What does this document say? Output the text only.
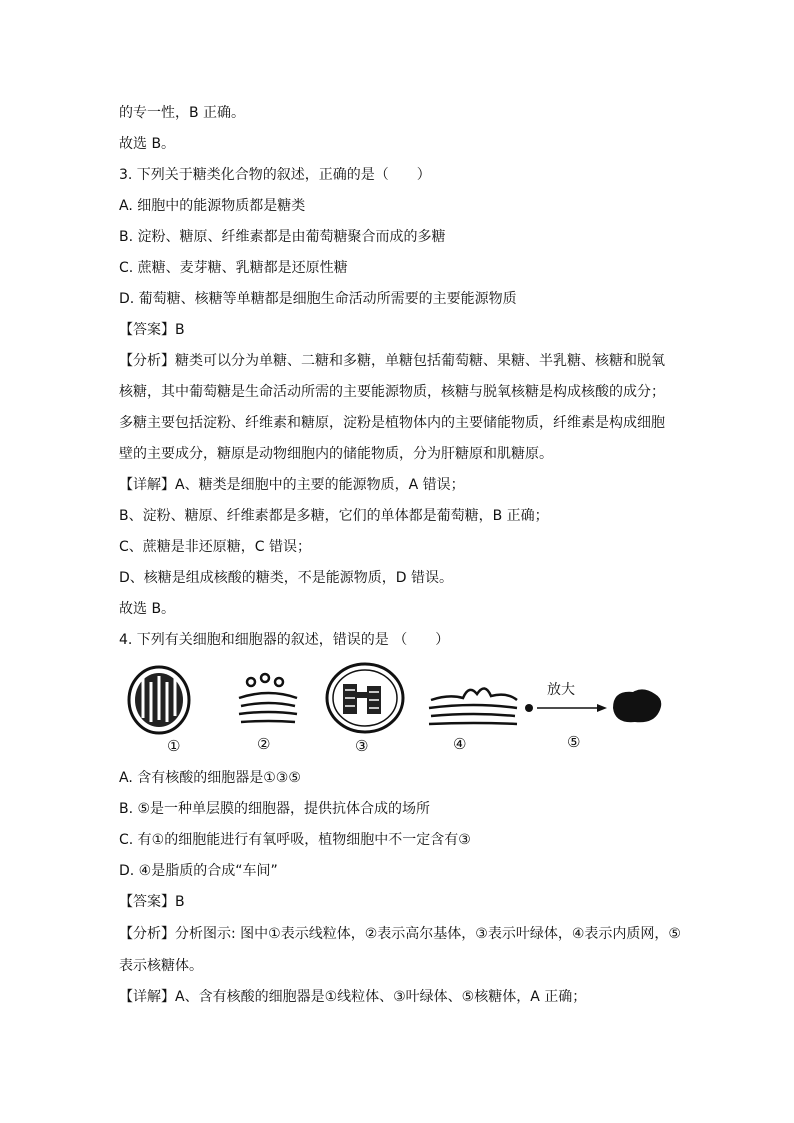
的专一性，B 正确。
故选 B。
3. 下列关于糖类化合物的叙述，正确的是（　　）
A. 细胞中的能源物质都是糖类
B. 淀粉、糖原、纤维素都是由葡萄糖聚合而成的多糖
C. 蔗糖、麦芽糖、乳糖都是还原性糖
D. 葡萄糖、核糖等单糖都是细胞生命活动所需要的主要能源物质
【答案】B
【分析】糖类可以分为单糖、二糖和多糖，单糖包括葡萄糖、果糖、半乳糖、核糖和脱氧
核糖，其中葡萄糖是生命活动所需的主要能源物质，核糖与脱氧核糖是构成核酸的成分；
多糖主要包括淀粉、纤维素和糖原，淀粉是植物体内的主要储能物质，纤维素是构成细胞
壁的主要成分，糖原是动物细胞内的储能物质，分为肝糖原和肌糖原。
【详解】A、糖类是细胞中的主要的能源物质，A 错误；
B、淀粉、糖原、纤维素都是多糖，它们的单体都是葡萄糖，B 正确；
C、蔗糖是非还原糖，C 错误；
D、核糖是组成核酸的糖类，不是能源物质，D 错误。
故选 B。
4. 下列有关细胞和细胞器的叙述，错误的是 （　　）
放大
①	②	③	④	⑤
A. 含有核酸的细胞器是①③⑤
B. ⑤是一种单层膜的细胞器，提供抗体合成的场所
C. 有①的细胞能进行有氧呼吸，植物细胞中不一定含有③
D. ④是脂质的合成“车间”
【答案】B
【分析】分析图示: 图中①表示线粒体，②表示高尔基体，③表示叶绿体，④表示内质网，⑤
表示核糖体。
【详解】A、含有核酸的细胞器是①线粒体、③叶绿体、⑤核糖体，A 正确；
